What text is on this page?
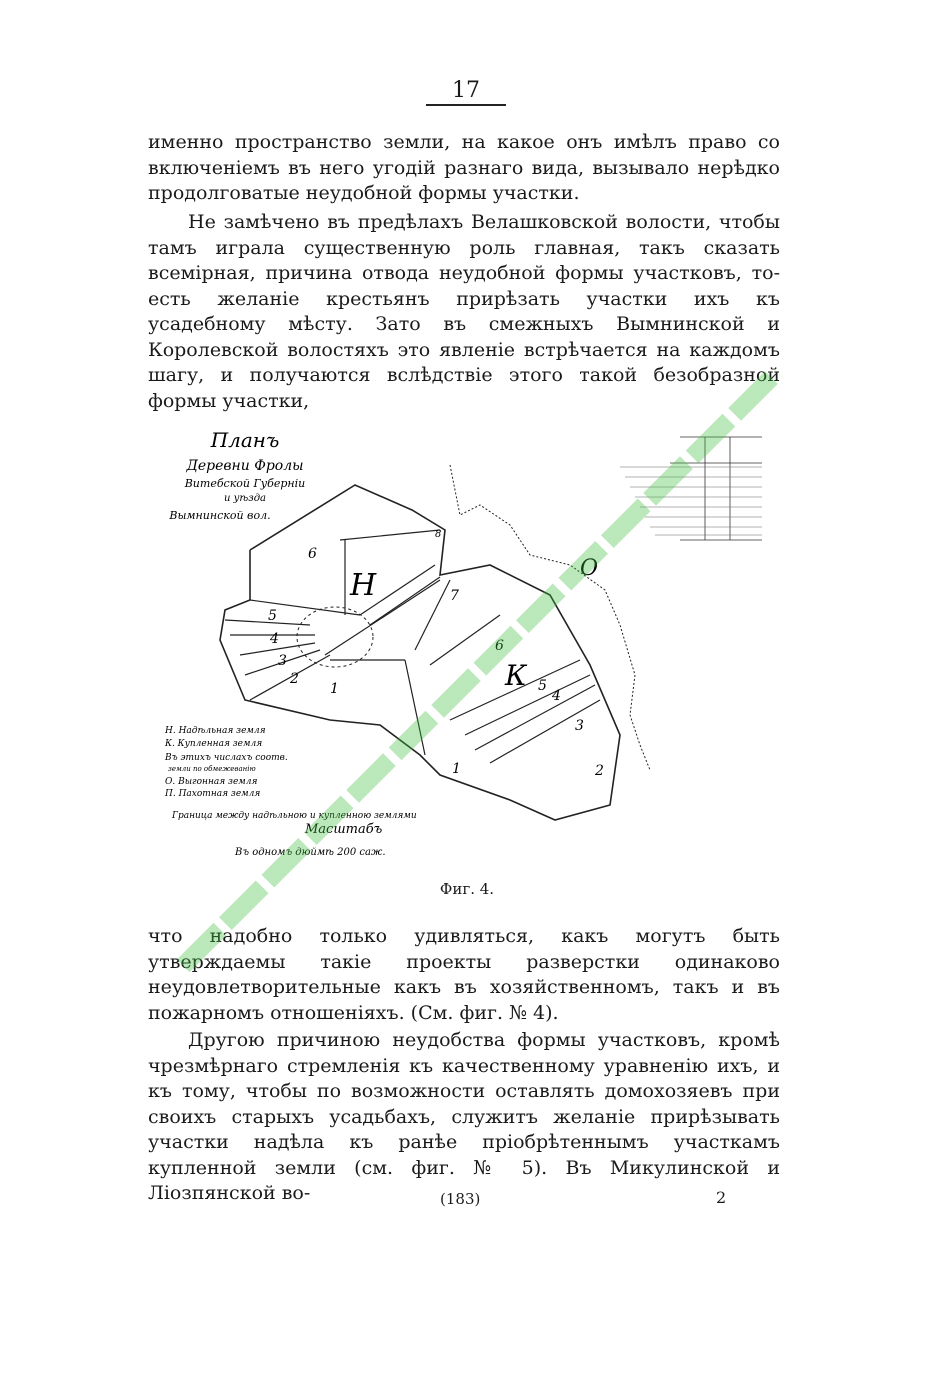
17

именно пространство земли, на какое онъ имѣлъ право со включеніемъ въ него угодій разнаго вида, вызывало нерѣдко продолговатые неудобной формы участки.

Не замѣчено въ предѣлахъ Велашковской волости, чтобы тамъ играла существенную роль главная, такъ сказать всемірная, причина отвода неудобной формы участковъ, то-есть желаніе крестьянъ прирѣзать участки ихъ къ усадебному мѣсту. Зато въ смежныхъ Вымнинской и Королевской волостяхъ это явленіе встрѣчается на каждомъ шагу, и получаются вслѣдствіе этого такой безобразной формы участки,

Планъ
Деревни Фролы
Витебской Губерніи
и уѣзда
Вымнинской вол.
Н
К
О
6
5
4
3
2
1
7
6
5
4
3
2
1
8
Н. Надѣльная земля
К. Купленная земля
Въ этихъ числахъ соотв.
земли по обмежеванію
О. Выгонная земля
П. Пахотная земля
Граница между надѣльною и купленною землями
Масштабъ
Въ одномъ дюймѣ 200 саж.
Фиг. 4.

что надобно только удивляться, какъ могутъ быть утверждаемы такіе проекты разверстки одинаково неудовлетворительные какъ въ хозяйственномъ, такъ и въ пожарномъ отношеніяхъ. (См. фиг. № 4).

Другою причиною неудобства формы участковъ, кромѣ чрезмѣрнаго стремленія къ качественному уравненію ихъ, и къ тому, чтобы по возможности оставлять домохозяевъ при своихъ старыхъ усадьбахъ, служитъ желаніе прирѣзывать участки надѣла къ ранѣе пріобрѣтеннымъ участкамъ купленной земли (см. фиг. № 5). Въ Микулинской и Ліозпянской во-	(183)	2
